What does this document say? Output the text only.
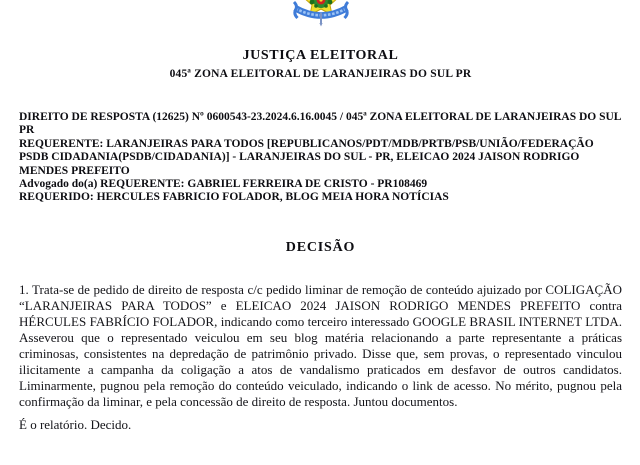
JUSTIÇA ELEITORAL
045ª ZONA ELEITORAL DE LARANJEIRAS DO SUL PR

DIREITO DE RESPOSTA (12625) Nº 0600543-23.2024.6.16.0045 / 045ª ZONA ELEITORAL DE LARANJEIRAS DO SUL PR

REQUERENTE: LARANJEIRAS PARA TODOS [REPUBLICANOS/PDT/MDB/PRTB/PSB/UNIÃO/FEDERAÇÃO PSDB CIDADANIA(PSDB/CIDADANIA)] - LARANJEIRAS DO SUL - PR, ELEICAO 2024 JAISON RODRIGO MENDES PREFEITO

Advogado do(a) REQUERENTE: GABRIEL FERREIRA DE CRISTO - PR108469

REQUERIDO: HERCULES FABRICIO FOLADOR, BLOG MEIA HORA NOTÍCIAS

DECISÃO

1. Trata-se de pedido de direito de resposta c/c pedido liminar de remoção de conteúdo ajuizado por COLIGAÇÃO “LARANJEIRAS PARA TODOS” e ELEICAO 2024 JAISON RODRIGO MENDES PREFEITO contra HÉRCULES FABRÍCIO FOLADOR, indicando como terceiro interessado GOOGLE BRASIL INTERNET LTDA. Asseverou que o representado veiculou em seu blog matéria relacionando a parte representante a práticas criminosas, consistentes na depredação de patrimônio privado. Disse que, sem provas, o representado vinculou ilicitamente a campanha da coligação a atos de vandalismo praticados em desfavor de outros candidatos. Liminarmente, pugnou pela remoção do conteúdo veiculado, indicando o link de acesso. No mérito, pugnou pela confirmação da liminar, e pela concessão de direito de resposta. Juntou documentos.

É o relatório. Decido.
